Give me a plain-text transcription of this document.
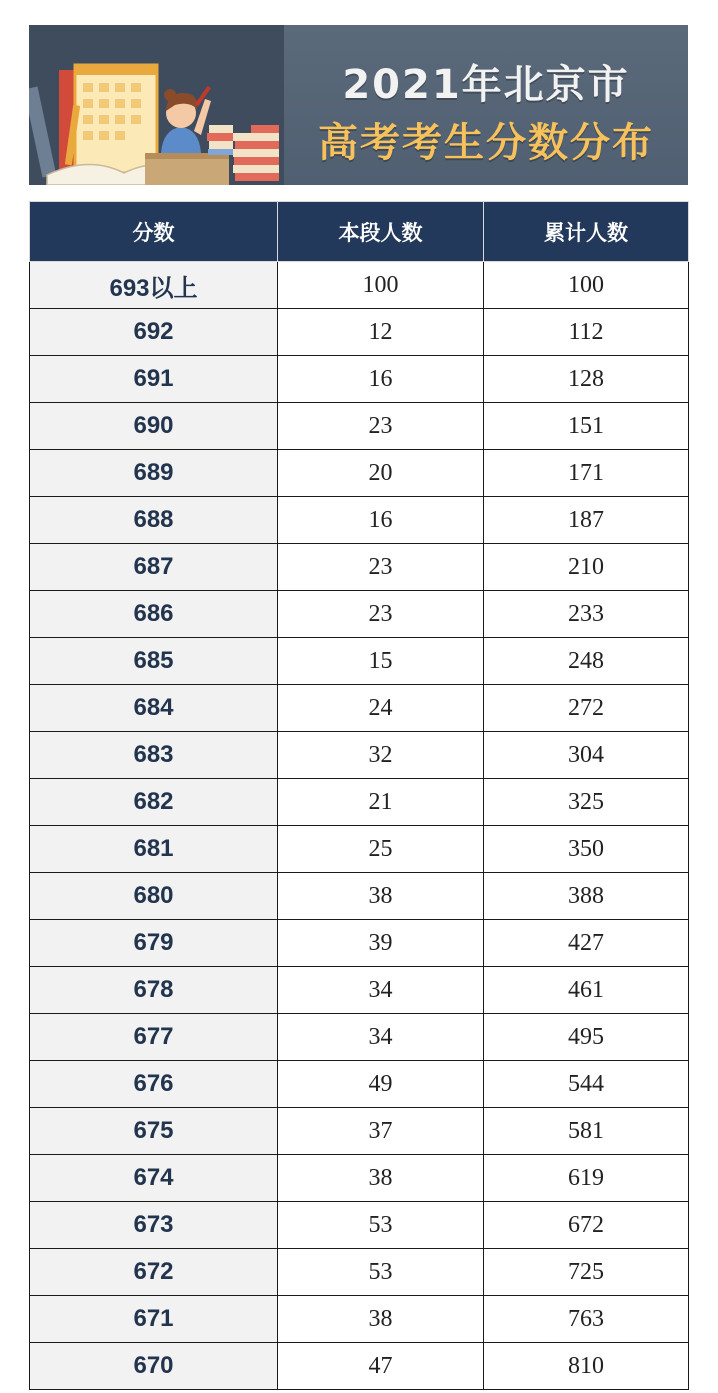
2021年北京市
高考考生分数分布
分数	本段人数	累计人数
693以上	100	100
692	12	112
691	16	128
690	23	151
689	20	171
688	16	187
687	23	210
686	23	233
685	15	248
684	24	272
683	32	304
682	21	325
681	25	350
680	38	388
679	39	427
678	34	461
677	34	495
676	49	544
675	37	581
674	38	619
673	53	672
672	53	725
671	38	763
670	47	810
